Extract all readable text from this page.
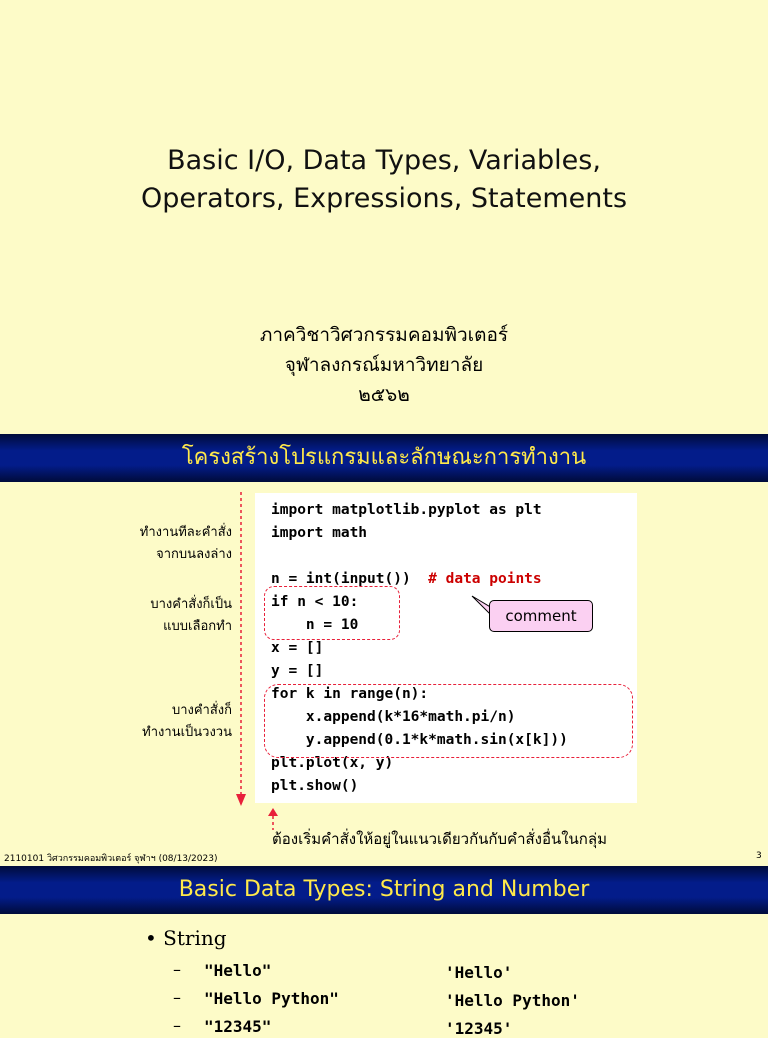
Basic I/O, Data Types, Variables,
Operators, Expressions, Statements
ภาควิชาวิศวกรรมคอมพิวเตอร์
จุฬาลงกรณ์มหาวิทยาลัย
๒๕๖๒
โครงสร้างโปรแกรมและลักษณะการทำงาน
ทำงานทีละคำสั่ง
จากบนลงล่าง
บางคำสั่งก็เป็น
แบบเลือกทำ
บางคำสั่งก็
ทำงานเป็นวงวน
import matplotlib.pyplot as plt
import math
n = int(input()) # data points
if n < 10:
n = 10
x = []
y = []
for k in range(n):
x.append(k*16*math.pi/n)
y.append(0.1*k*math.sin(x[k]))
plt.plot(x, y)
plt.show()
comment
ต้องเริ่มคำสั่งให้อยู่ในแนวเดียวกันกับคำสั่งอื่นในกลุ่ม
2110101 วิศวกรรมคอมพิวเตอร์ จุฬาฯ (08/13/2023)	3
Basic Data Types: String and Number
• String
– "Hello"	'Hello'
– "Hello Python"	'Hello Python'
– "12345"	'12345'
